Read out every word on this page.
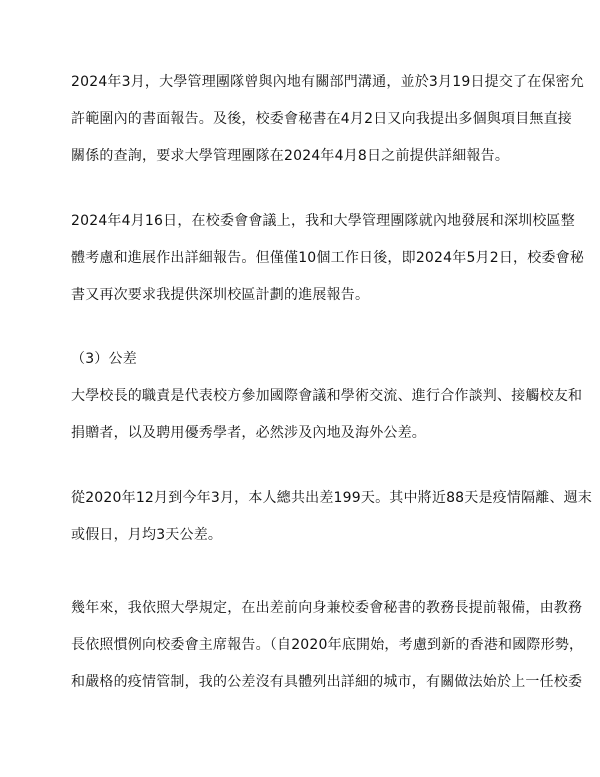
2024年3月，大學管理團隊曾與內地有關部門溝通，並於3月19日提交了在保密允
許範圍內的書面報告。及後，校委會秘書在4月2日又向我提出多個與項目無直接
關係的查詢，要求大學管理團隊在2024年4月8日之前提供詳細報告。
2024年4月16日，在校委會會議上，我和大學管理團隊就內地發展和深圳校區整
體考慮和進展作出詳細報告。但僅僅10個工作日後，即2024年5月2日，校委會秘
書又再次要求我提供深圳校區計劃的進展報告。
（3）公差
大學校長的職責是代表校方參加國際會議和學術交流、進行合作談判、接觸校友和
捐贈者，以及聘用優秀學者，必然涉及內地及海外公差。
從2020年12月到今年3月，本人總共出差199天。其中將近88天是疫情隔離、週末
或假日，月均3天公差。
幾年來，我依照大學規定，在出差前向身兼校委會秘書的教務長提前報備，由教務
長依照慣例向校委會主席報告。（自2020年底開始，考慮到新的香港和國際形勢，
和嚴格的疫情管制，我的公差沒有具體列出詳細的城市，有關做法始於上一任校委
